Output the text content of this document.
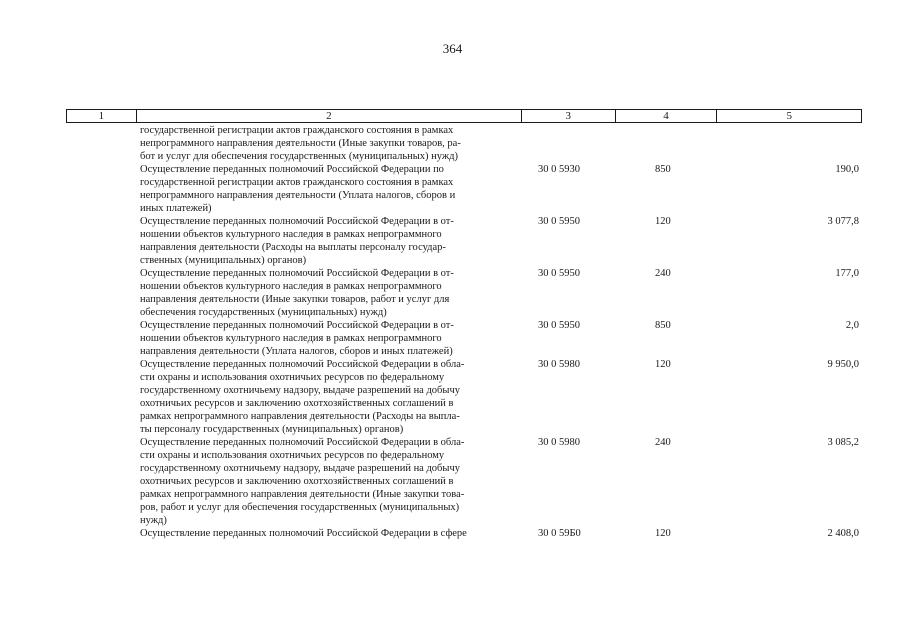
364
1	2	3	4	5
государственной регистрации актов гражданского состояния в рамках
непрограммного направления деятельности (Иные закупки товаров, ра-
бот и услуг для обеспечения государственных (муниципальных) нужд)
Осуществление переданных полномочий Российской Федерации по
государственной регистрации актов гражданского состояния в рамках
непрограммного направления деятельности (Уплата налогов, сборов и
иных платежей)
30 0 5930	850	190,0
Осуществление переданных полномочий Российской Федерации в от-
ношении объектов культурного наследия в рамках непрограммного
направления деятельности (Расходы на выплаты персоналу государ-
ственных (муниципальных) органов)
30 0 5950	120	3 077,8
Осуществление переданных полномочий Российской Федерации в от-
ношении объектов культурного наследия в рамках непрограммного
направления деятельности (Иные закупки товаров, работ и услуг для
обеспечения государственных (муниципальных) нужд)
30 0 5950	240	177,0
Осуществление переданных полномочий Российской Федерации в от-
ношении объектов культурного наследия в рамках непрограммного
направления деятельности (Уплата налогов, сборов и иных платежей)
30 0 5950	850	2,0
Осуществление переданных полномочий Российской Федерации в обла-
сти охраны и использования охотничьих ресурсов по федеральному
государственному охотничьему надзору, выдаче разрешений на добычу
охотничьих ресурсов и заключению охотхозяйственных соглашений в
рамках непрограммного направления деятельности (Расходы на выпла-
ты персоналу государственных (муниципальных) органов)
30 0 5980	120	9 950,0
Осуществление переданных полномочий Российской Федерации в обла-
сти охраны и использования охотничьих ресурсов по федеральному
государственному охотничьему надзору, выдаче разрешений на добычу
охотничьих ресурсов и заключению охотхозяйственных соглашений в
рамках непрограммного направления деятельности (Иные закупки това-
ров, работ и услуг для обеспечения государственных (муниципальных)
нужд)
30 0 5980	240	3 085,2
Осуществление переданных полномочий Российской Федерации в сфере	30 0 59Б0	120	2 408,0
